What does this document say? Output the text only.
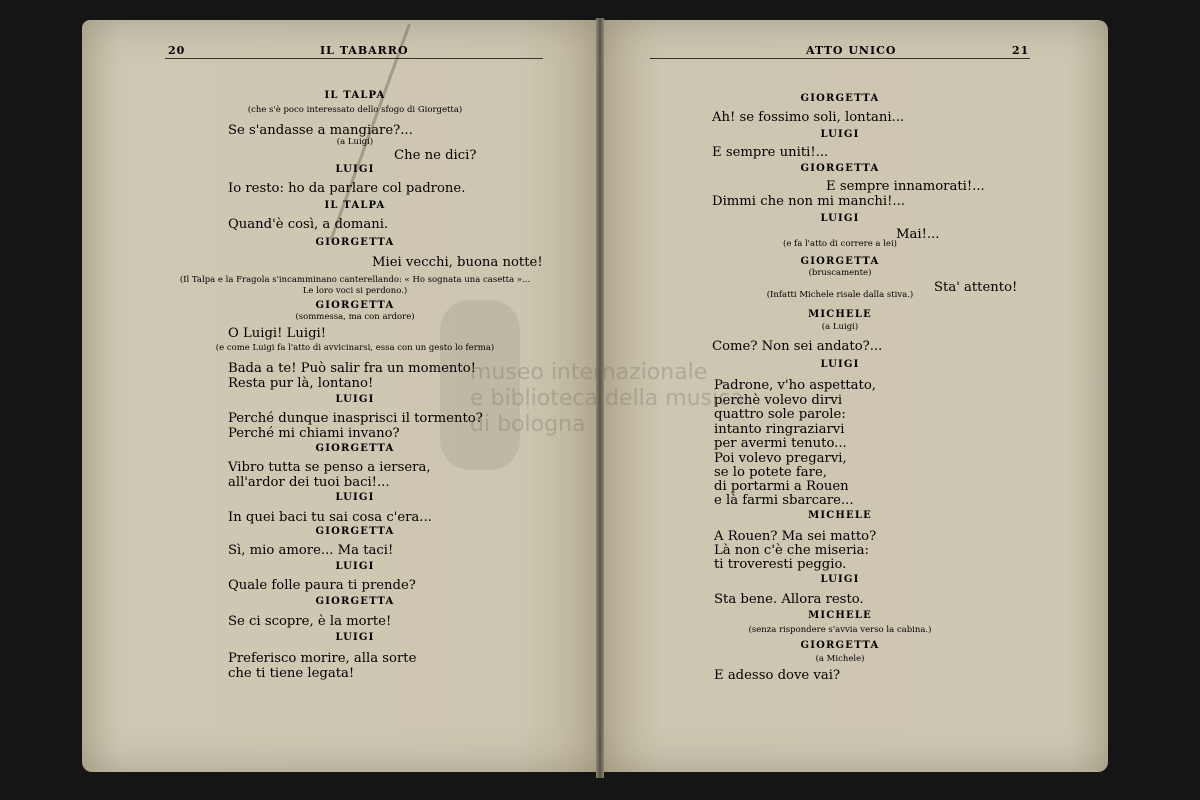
museo internazionale
e biblioteca della musica
di bologna
20	IL TABARRO	ATTO UNICO	21
IL TALPA
(che s'è poco interessato dello sfogo di Giorgetta)
Se s'andasse a mangiare?...
(a Luigi)
Che ne dici?
LUIGI
Io resto: ho da parlare col padrone.
IL TALPA
Quand'è così, a domani.
GIORGETTA
Miei vecchi, buona notte!
(Il Talpa e la Fragola s'incamminano canterellando: « Ho sognata una casetta »...
Le loro voci si perdono.)
GIORGETTA
(sommessa, ma con ardore)
O Luigi! Luigi!
(e come Luigi fa l'atto di avvicinarsi, essa con un gesto lo ferma)
Bada a te! Può salir fra un momento!
Resta pur là, lontano!
LUIGI
Perché dunque inasprisci il tormento?
Perché mi chiami invano?
GIORGETTA
Vibro tutta se penso a iersera,
all'ardor dei tuoi baci!...
LUIGI
In quei baci tu sai cosa c'era...
GIORGETTA
Sì, mio amore... Ma taci!
LUIGI
Quale folle paura ti prende?
GIORGETTA
Se ci scopre, è la morte!
LUIGI
Preferisco morire, alla sorte
che ti tiene legata!
GIORGETTA
Ah! se fossimo soli, lontani...
LUIGI
E sempre uniti!...
GIORGETTA
E sempre innamorati!...
Dimmi che non mi manchi!...
LUIGI
Mai!...
(e fa l'atto di correre a lei)
GIORGETTA
(bruscamente)
Sta' attento!
(Infatti Michele risale dalla stiva.)
MICHELE
(a Luigi)
Come? Non sei andato?...
LUIGI
Padrone, v'ho aspettato,
perchè volevo dirvi
quattro sole parole:
intanto ringraziarvi
per avermi tenuto...
Poi volevo pregarvi,
se lo potete fare,
di portarmi a Rouen
e là farmi sbarcare...
MICHELE
A Rouen? Ma sei matto?
Là non c'è che miseria:
ti troveresti peggio.
LUIGI
Sta bene. Allora resto.
MICHELE
(senza rispondere s'avvia verso la cabina.)
GIORGETTA
(a Michele)
E adesso dove vai?
